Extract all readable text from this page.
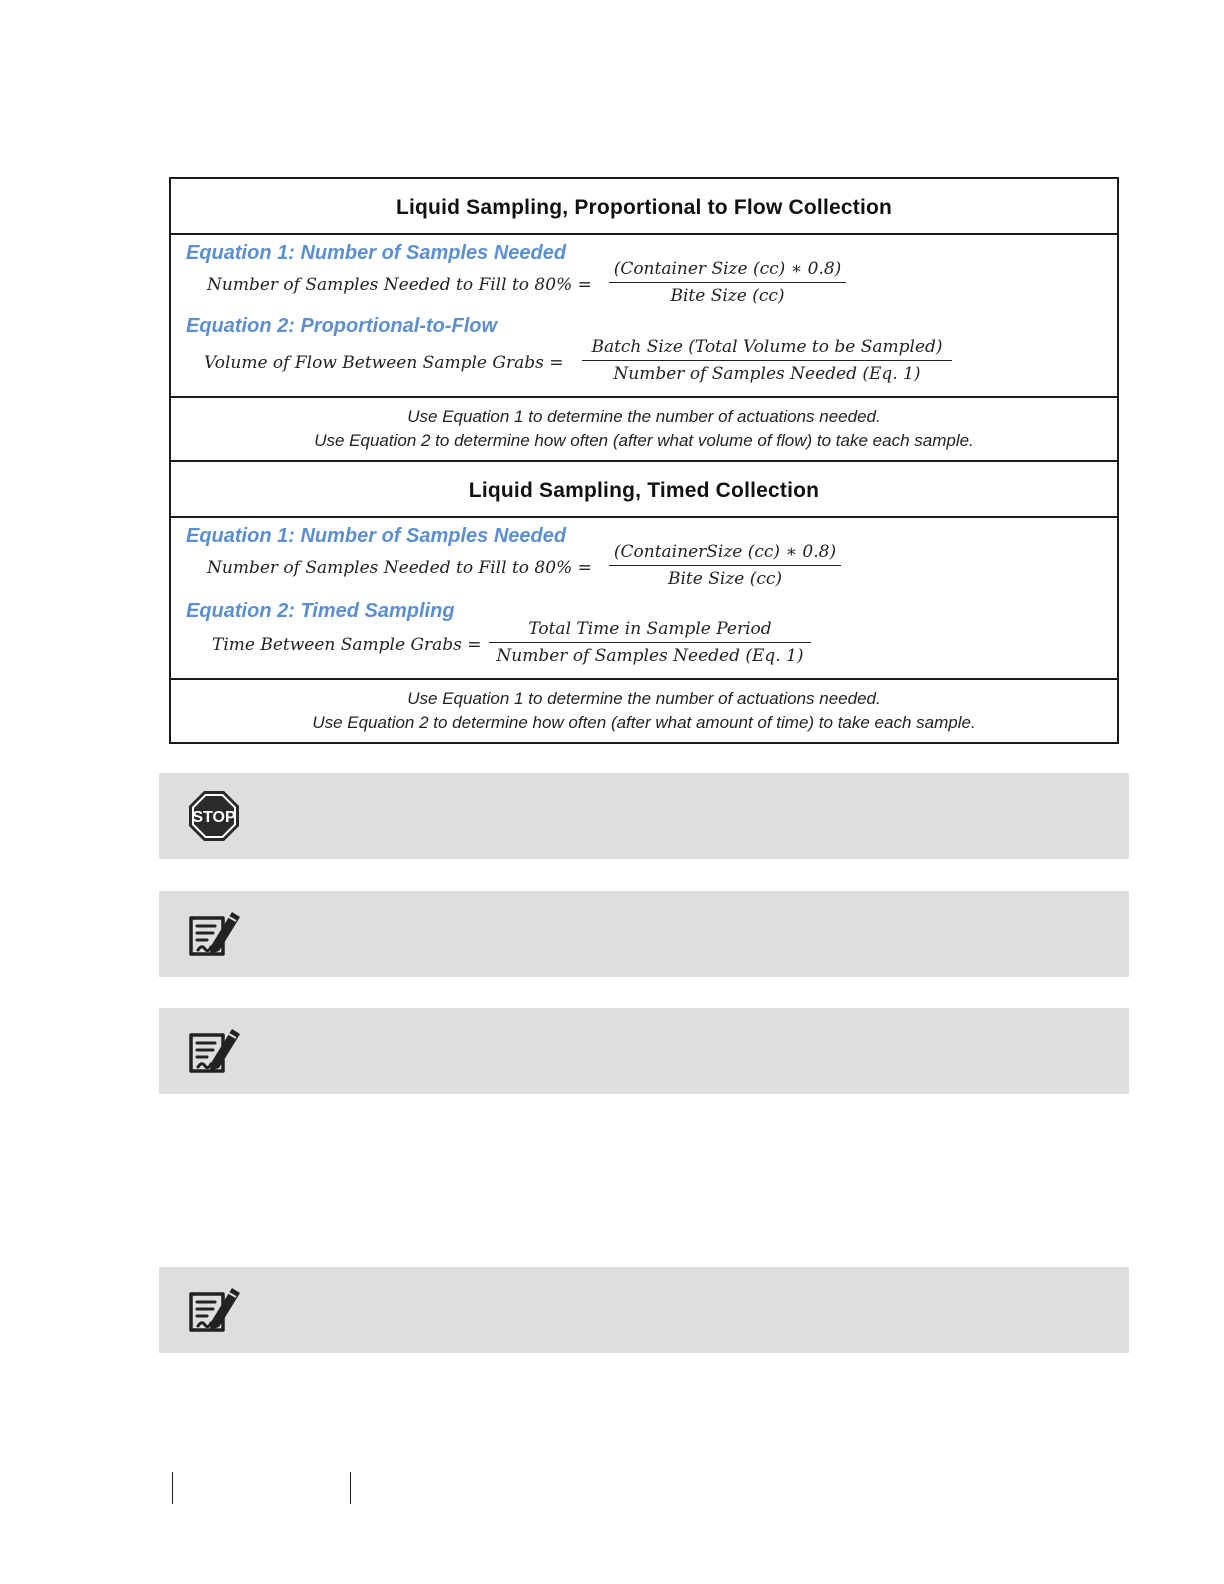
Liquid Sampling, Proportional to Flow Collection
Equation 1: Number of Samples Needed
Number of Samples Needed to Fill to 80% =
(Container Size (cc) ∗ 0.8)
Bite Size (cc)
Equation 2: Proportional-to-Flow
Volume of Flow Between Sample Grabs =
Batch Size (Total Volume to be Sampled)
Number of Samples Needed (Eq. 1)
Use Equation 1 to determine the number of actuations needed.
Use Equation 2 to determine how often (after what volume of flow) to take each sample.
Liquid Sampling, Timed Collection
Equation 1: Number of Samples Needed
Number of Samples Needed to Fill to 80% =
(ContainerSize (cc) ∗ 0.8)
Bite Size (cc)
Equation 2: Timed Sampling
Time Between Sample Grabs =
Total Time in Sample Period
Number of Samples Needed (Eq. 1)
Use Equation 1 to determine the number of actuations needed.
Use Equation 2 to determine how often (after what amount of time) to take each sample.
STOP
